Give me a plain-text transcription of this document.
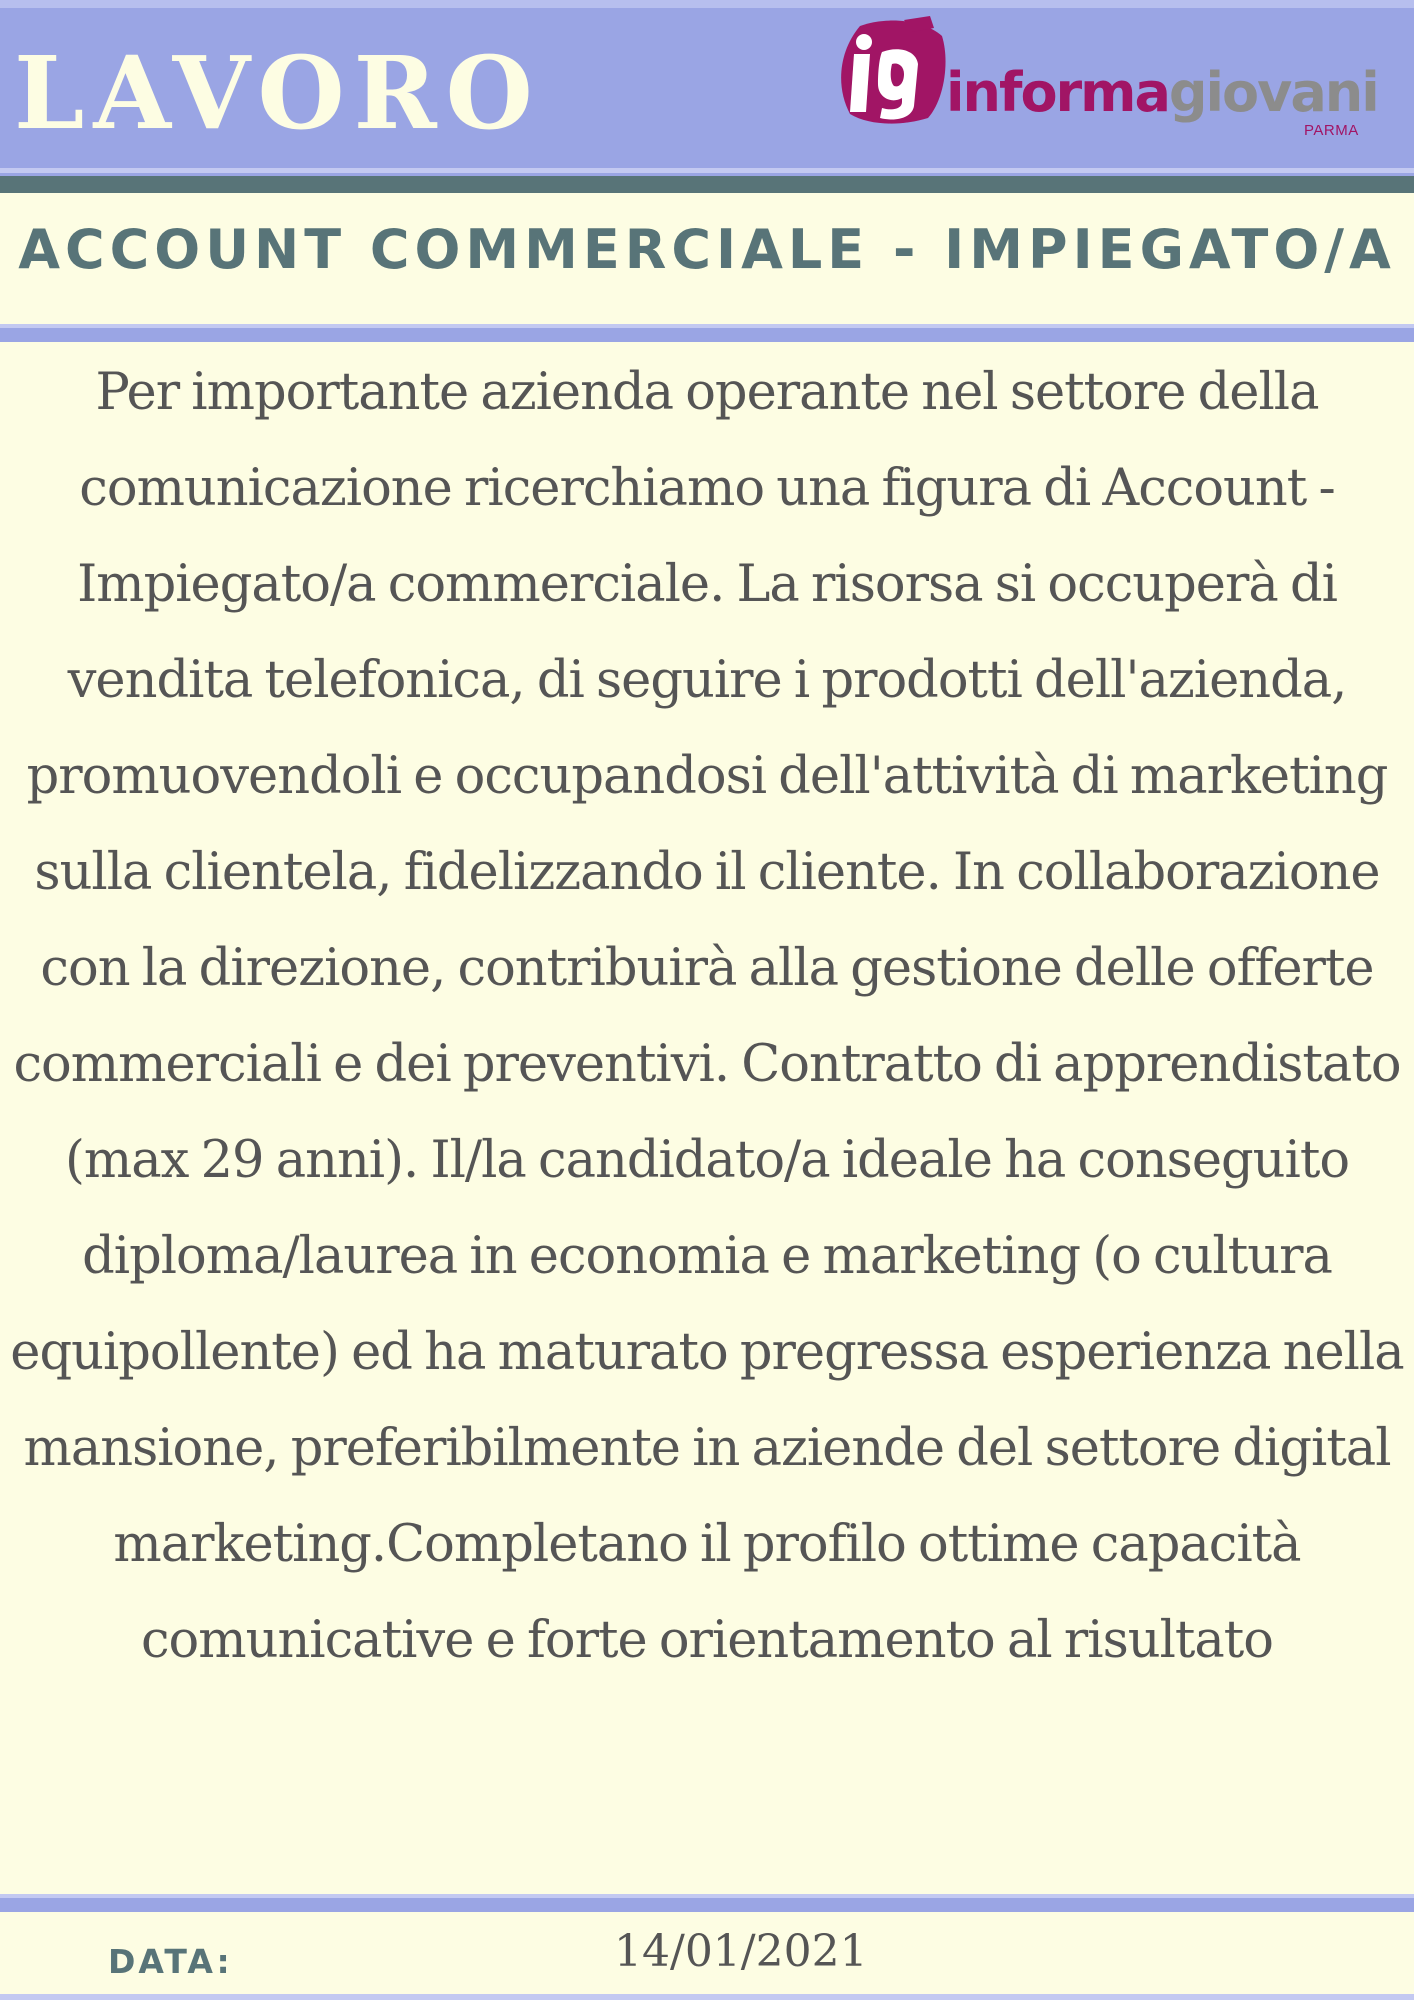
LAVORO	informagiovani
PARMA
ACCOUNT COMMERCIALE - IMPIEGATO/A
Per importante azienda operante nel settore della comunicazione ricerchiamo una figura di Account - Impiegato/a commerciale. La risorsa si occuperà di vendita telefonica, di seguire i prodotti dell'azienda, promuovendoli e occupandosi dell'attività di marketing sulla clientela, fidelizzando il cliente. In collaborazione con la direzione, contribuirà alla gestione delle offerte commerciali e dei preventivi. Contratto di apprendistato (max 29 anni). Il/la candidato/a ideale ha conseguito diploma/laurea in economia e marketing (o cultura equipollente) ed ha maturato pregressa esperienza nella mansione, preferibilmente in aziende del settore digital marketing.Completano il profilo ottime capacità comunicative e forte orientamento al risultato
DATA:	14/01/2021
